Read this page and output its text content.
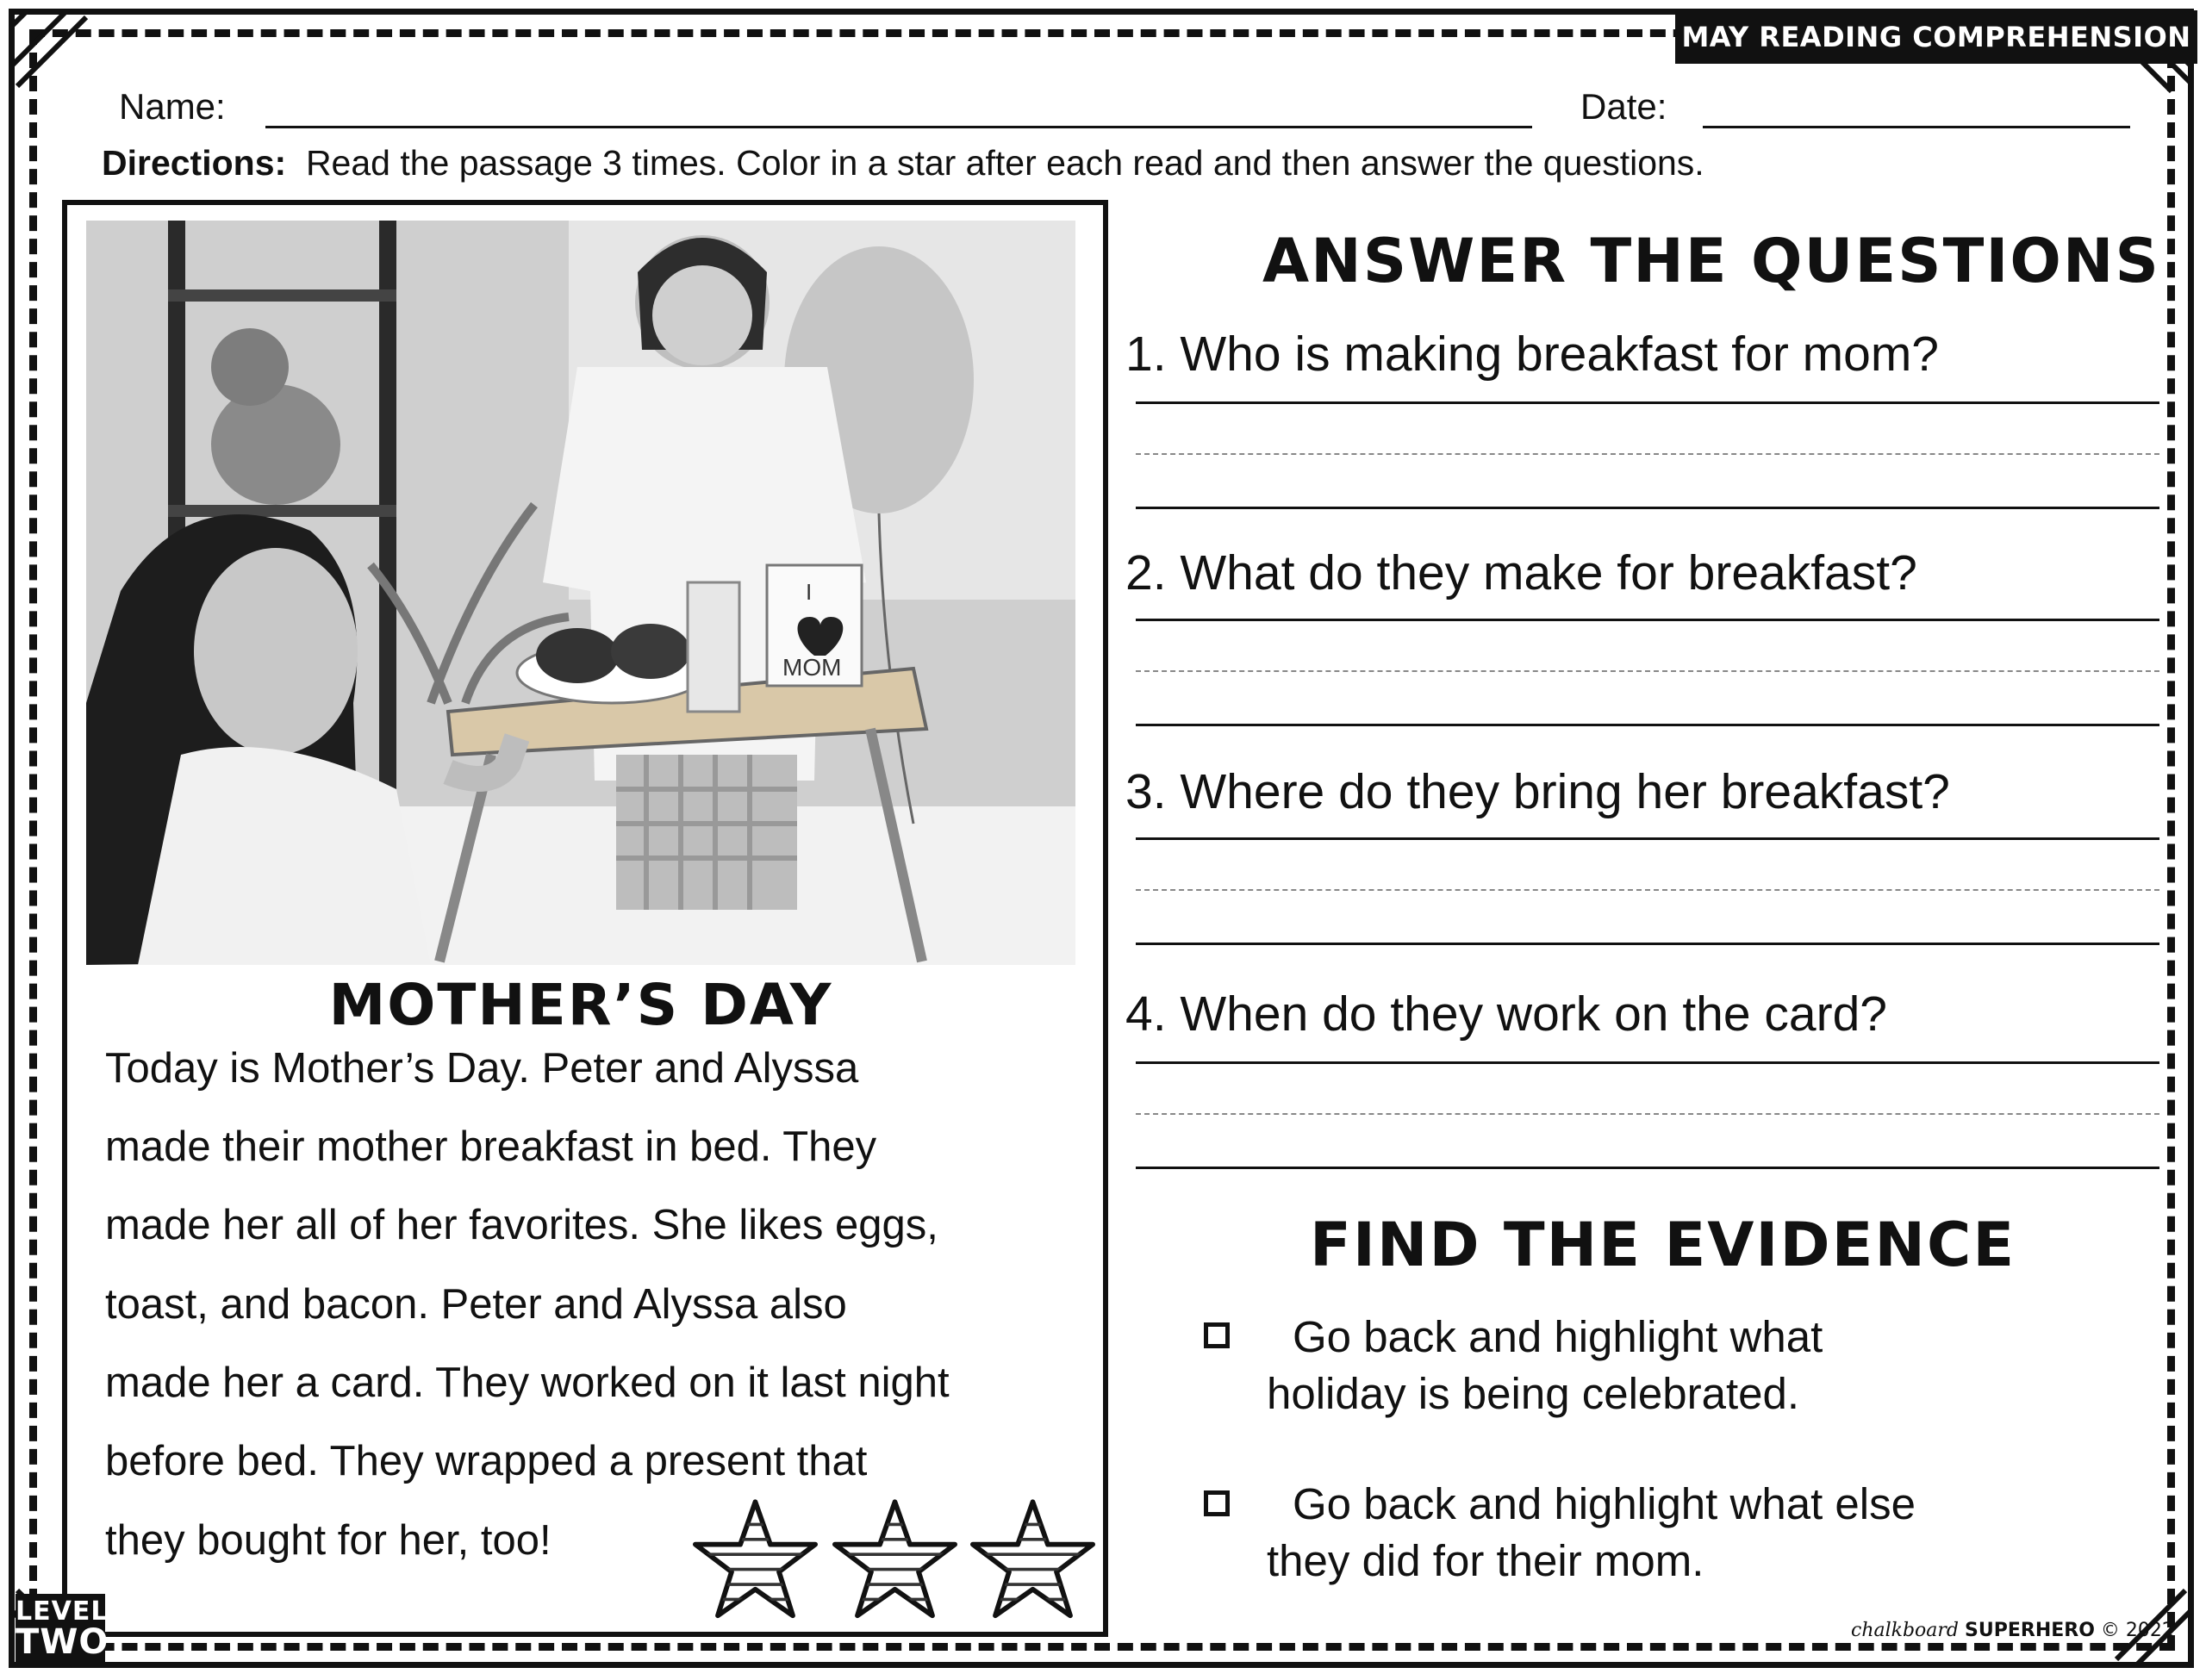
MAY READING COMPREHENSION
Name:	Date:
Directions: Read the passage 3 times. Color in a star after each read and then answer the questions.
I
MOM
MOTHER’S DAY
Today is Mother’s Day. Peter and Alyssa
made their mother breakfast in bed. They
made her all of her favorites. She likes eggs,
toast, and bacon. Peter and Alyssa also
made her a card. They worked on it last night
before bed. They wrapped a present that
they bought for her, too!
ANSWER THE QUESTIONS
1. Who is making breakfast for mom?
2. What do they make for breakfast?
3. Where do they bring her breakfast?
4. When do they work on the card?
FIND THE EVIDENCE
Go back and highlight what
holiday is being celebrated.
Go back and highlight what else
they did for their mom.
LEVEL
TWO	chalkboard SUPERHERO © 2022
